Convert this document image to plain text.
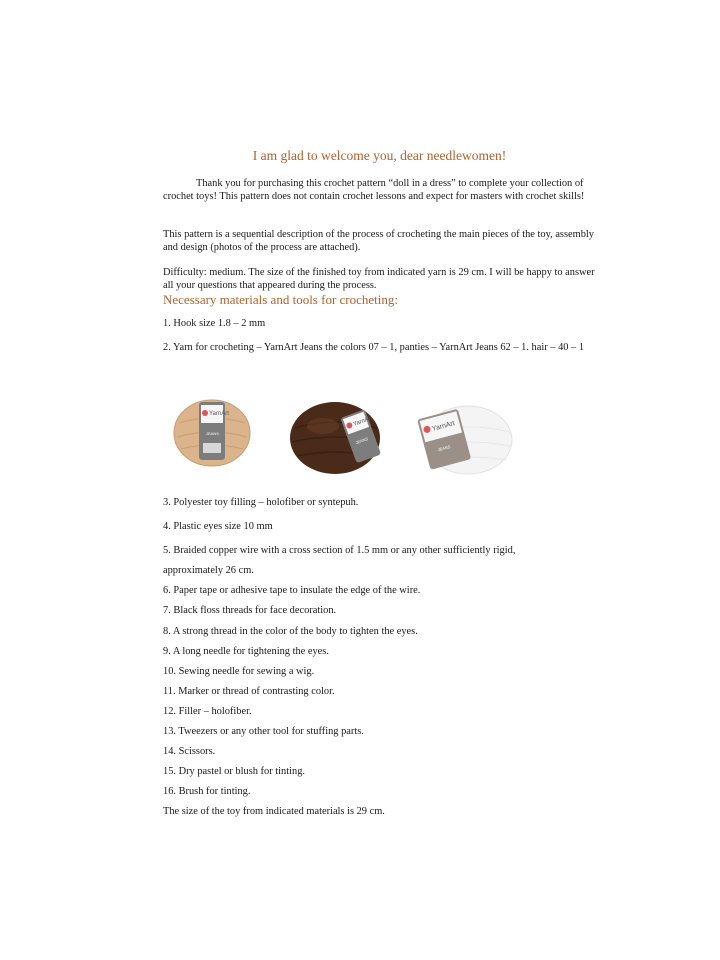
I am glad to welcome you, dear needlewomen!
Thank you for purchasing this crochet pattern “doll in a dress” to complete your collection of crochet toys! This pattern does not contain crochet lessons and expect for masters with crochet skills!
This pattern is a sequential description of the process of crocheting the main pieces of the toy, assembly and design (photos of the process are attached).
Difficulty: medium. The size of the finished toy from indicated yarn is 29 cm. I will be happy to answer all your questions that appeared during the process.
Necessary materials and tools for crocheting:
1. Hook size 1.8 – 2 mm
2. Yarn for crocheting – YarnArt Jeans the colors 07 – 1, panties – YarnArt Jeans 62 – 1. hair – 40 – 1
YarnArt
JEANS
YarnArt
JEANS
YarnArt
JEANS
3. Polyester toy filling – holofiber or syntepuh.
4. Plastic eyes size 10 mm
5. Braided copper wire with a cross section of 1.5 mm or any other sufficiently rigid,
approximately 26 cm.
6. Paper tape or adhesive tape to insulate the edge of the wire.
7. Black floss threads for face decoration.
8. A strong thread in the color of the body to tighten the eyes.
9. A long needle for tightening the eyes.
10. Sewing needle for sewing a wig.
11. Marker or thread of contrasting color.
12. Filler – holofiber.
13. Tweezers or any other tool for stuffing parts.
14. Scissors.
15. Dry pastel or blush for tinting.
16. Brush for tinting.
The size of the toy from indicated materials is 29 cm.
